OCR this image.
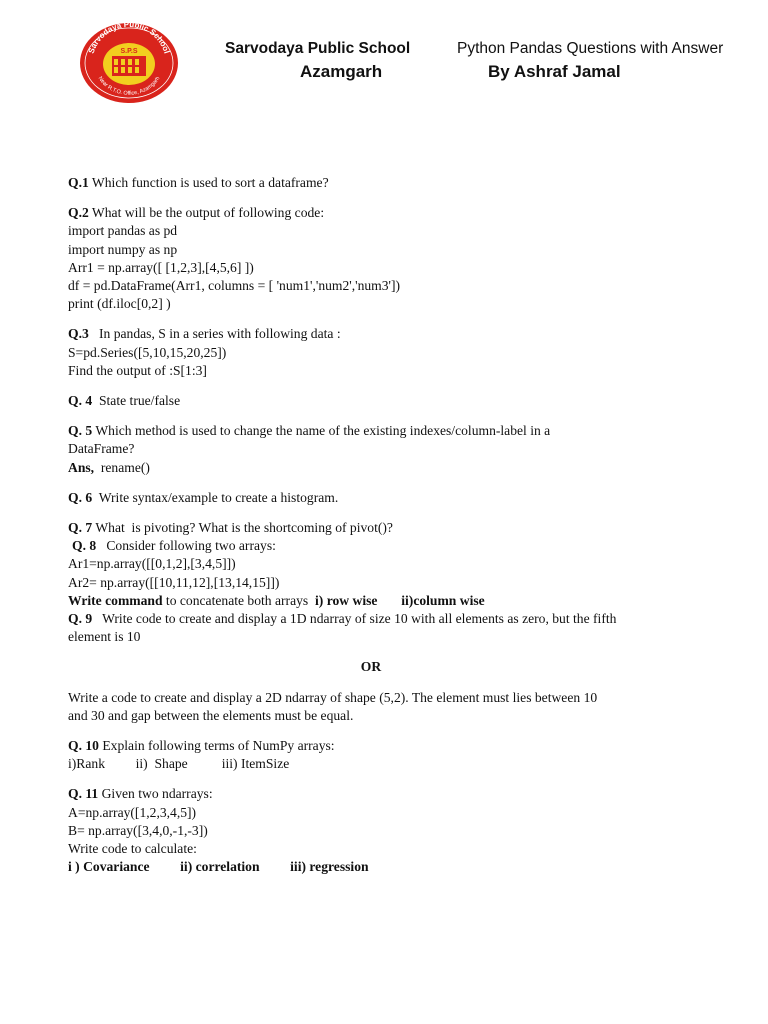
S.P.S
Sarvodaya Public School
Near R.T.O. Office, Azamgarh
Sarvodaya Public School
Azamgarh
Python Pandas Questions with Answer
By Ashraf Jamal
Q.1 Which function is used to sort a dataframe?
Q.2 What will be the output of following code:
import pandas as pd
import numpy as np
Arr1 = np.array([ [1,2,3],[4,5,6] ])
df = pd.DataFrame(Arr1, columns = [ 'num1','num2','num3'])
print (df.iloc[0,2] )
Q.3   In pandas, S in a series with following data :
S=pd.Series([5,10,15,20,25])
Find the output of :S[1:3]
Q. 4  State true/false
Q. 5 Which method is used to change the name of the existing indexes/column-label in a
DataFrame?
Ans,  rename()
Q. 6  Write syntax/example to create a histogram.
Q. 7 What  is pivoting? What is the shortcoming of pivot()?
Q. 8   Consider following two arrays:
Ar1=np.array([[0,1,2],[3,4,5]])
Ar2= np.array([[10,11,12],[13,14,15]])
Write command to concatenate both arrays  i) row wise ii)column wise
Q. 9   Write code to create and display a 1D ndarray of size 10 with all elements as zero, but the fifth
element is 10
OR
Write a code to create and display a 2D ndarray of shape (5,2). The element must lies between 10
and 30 and gap between the elements must be equal.
Q. 10 Explain following terms of NumPy arrays:
i)Rank ii)  Shape iii) ItemSize
Q. 11 Given two ndarrays:
A=np.array([1,2,3,4,5])
B= np.array([3,4,0,-1,-3])
Write code to calculate:
i ) Covariance ii) correlation iii) regression
